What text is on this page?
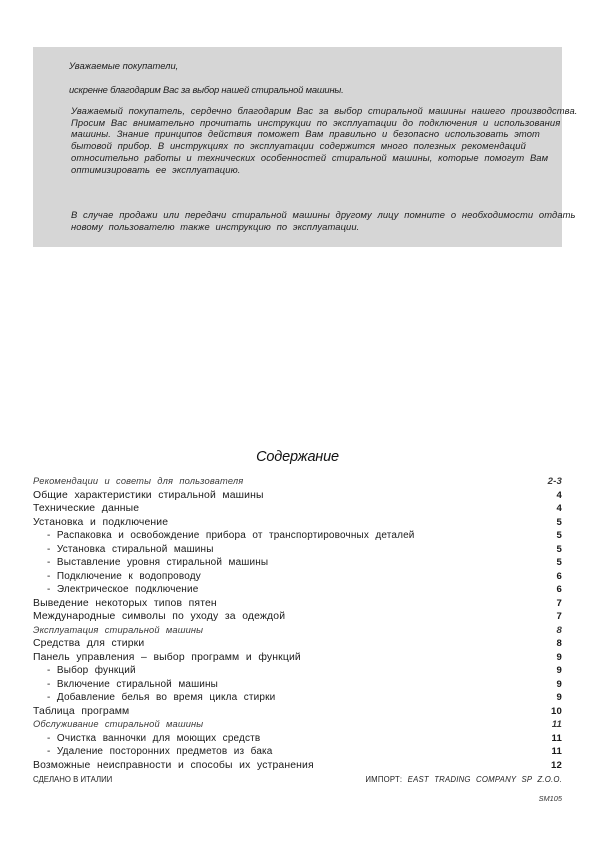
Уважаемые покупатели,

искренне благодарим Вас за выбор нашей стиральной машины.

Уважаемый покупатель, сердечно благодарим Вас за выбор стиральной машины нашего производства. Просим Вас внимательно прочитать инструкции по эксплуатации до подключения и использования машины. Знание принципов действия поможет Вам правильно и безопасно использовать этот бытовой прибор. В инструкциях по эксплуатации содержится много полезных рекомендаций относительно работы и технических особенностей стиральной машины, которые помогут Вам оптимизировать ее эксплуатацию.

В случае продажи или передачи стиральной машины другому лицу помните о необходимости отдать новому пользователю также инструкцию по эксплуатации.

Содержание
Рекомендации и советы для пользователя	2-3
Общие характеристики стиральной машины	4
Технические данные	4
Установка и подключение	5
- Распаковка и освобождение прибора от транспортировочных деталей	5
- Установка стиральной машины	5
- Выставление уровня стиральной машины	5
- Подключение к водопроводу	6
- Электрическое подключение	6
Выведение некоторых типов пятен	7
Международные символы по уходу за одеждой	7
Эксплуатация стиральной машины	8
Средства для стирки	8
Панель управления – выбор программ и функций	9
- Выбор функций	9
- Включение стиральной машины	9
- Добавление белья во время цикла стирки	9
Таблица программ	10
Обслуживание стиральной машины	11
- Очистка ванночки для моющих средств	11
- Удаление посторонних предметов из бака	11
Возможные неисправности и способы их устранения	12

СДЕЛАНО В ИТАЛИИ	ИМПОРТ: EAST TRADING COMPANY SP Z.O.O.

SM105
